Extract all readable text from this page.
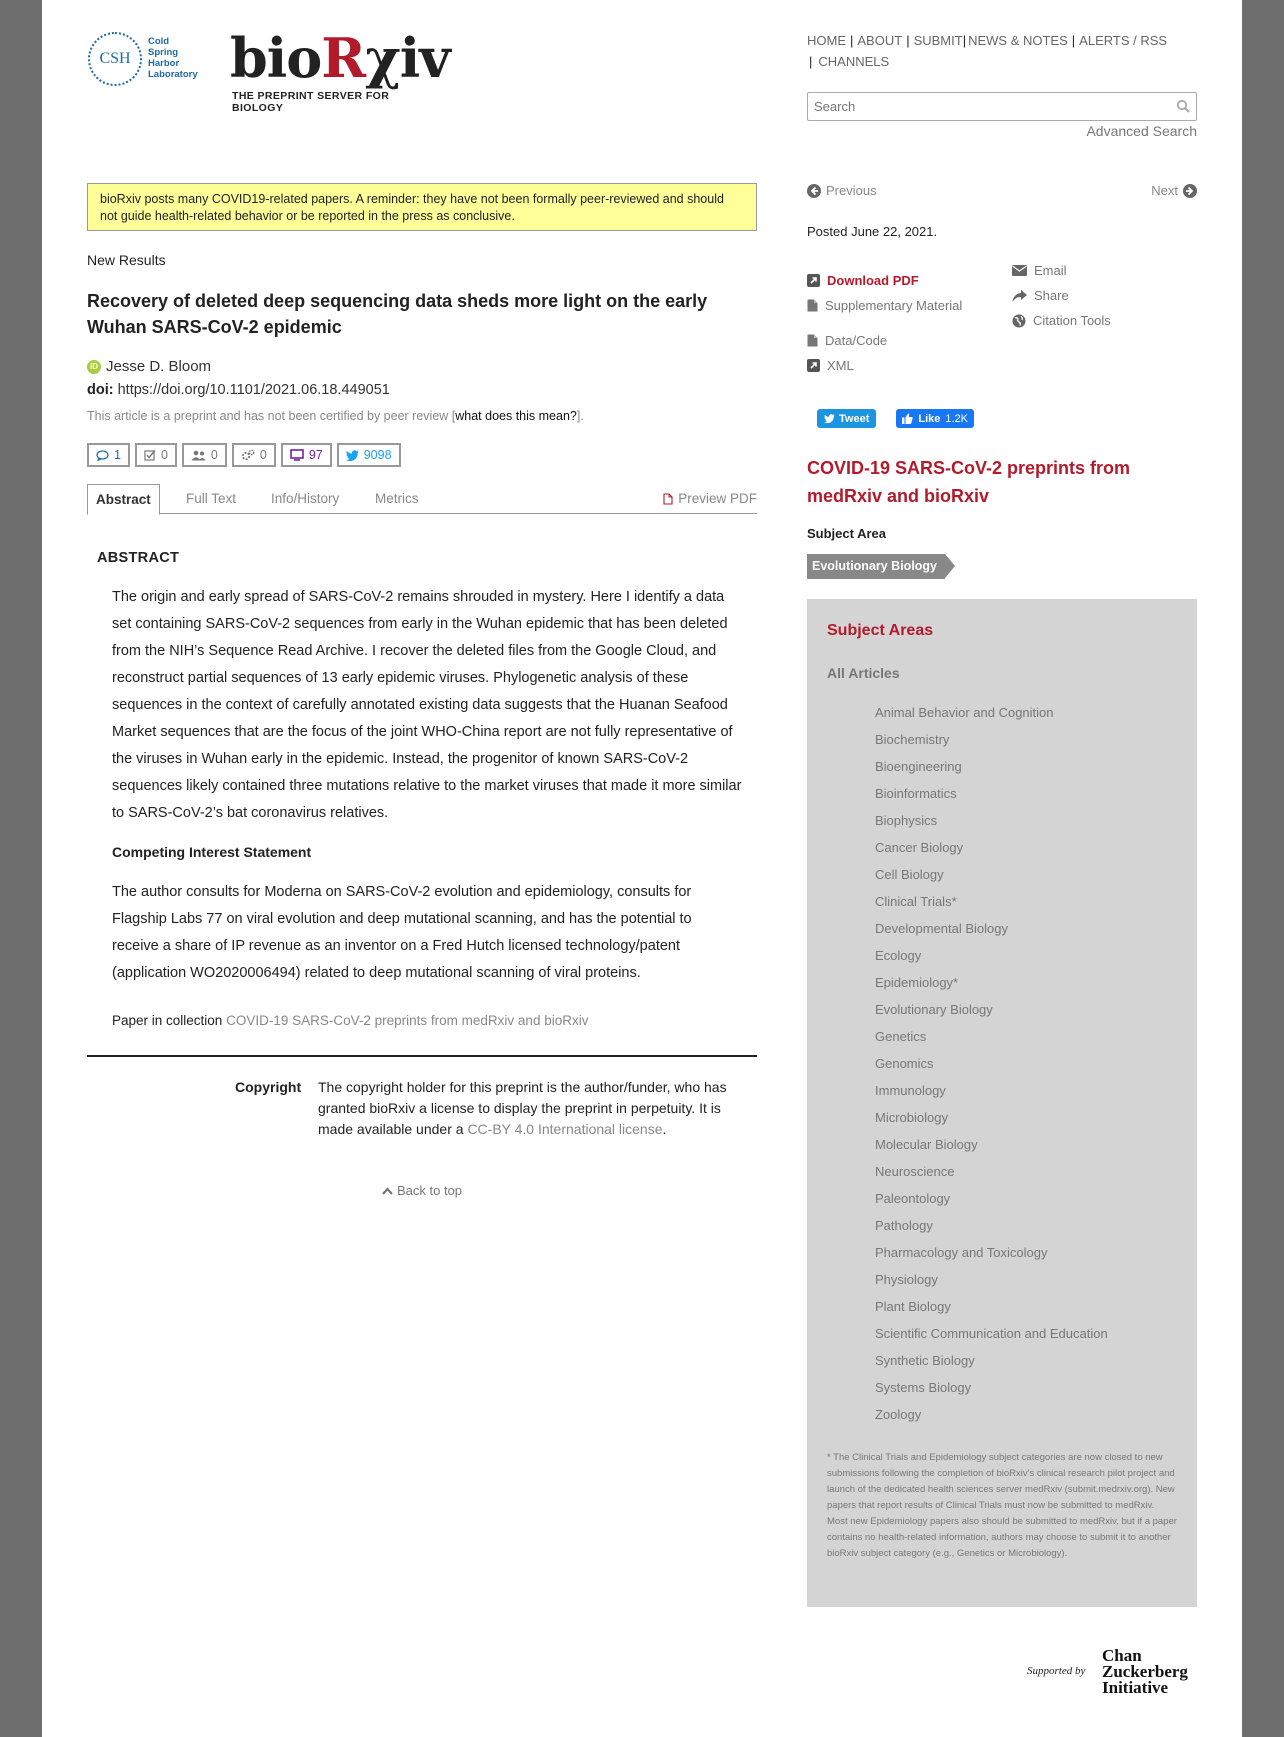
CSH
Cold
Spring
Harbor
Laboratory bioRχiv
THE PREPRINT SERVER FOR BIOLOGY
HOME | ABOUT | SUBMIT| NEWS & NOTES | ALERTS / RSS
| CHANNELS
Search
Advanced Search
bioRxiv posts many COVID19-related papers. A reminder: they have not been formally peer-reviewed and should not guide health-related behavior or be reported in the press as conclusive.
New Results
Recovery of deleted deep sequencing data sheds more light on the early Wuhan SARS-CoV-2 epidemic
iD Jesse D. Bloom
doi: https://doi.org/10.1101/2021.06.18.449051
This article is a preprint and has not been certified by peer review [what does this mean?].
1	0	0	0	97	9098
Abstract	Full Text	Info/History	Metrics	Preview PDF
ABSTRACT

The origin and early spread of SARS-CoV-2 remains shrouded in mystery. Here I identify a data set containing SARS-CoV-2 sequences from early in the Wuhan epidemic that has been deleted from the NIH’s Sequence Read Archive. I recover the deleted files from the Google Cloud, and reconstruct partial sequences of 13 early epidemic viruses. Phylogenetic analysis of these sequences in the context of carefully annotated existing data suggests that the Huanan Seafood Market sequences that are the focus of the joint WHO-China report are not fully representative of the viruses in Wuhan early in the epidemic. Instead, the progenitor of known SARS-CoV-2 sequences likely contained three mutations relative to the market viruses that made it more similar to SARS-CoV-2’s bat coronavirus relatives.

Competing Interest Statement

The author consults for Moderna on SARS-CoV-2 evolution and epidemiology, consults for Flagship Labs 77 on viral evolution and deep mutational scanning, and has the potential to receive a share of IP revenue as an inventor on a Fred Hutch licensed technology/patent (application WO2020006494) related to deep mutational scanning of viral proteins.

Paper in collection COVID-19 SARS-CoV-2 preprints from medRxiv and bioRxiv
Copyright The copyright holder for this preprint is the author/funder, who has granted bioRxiv a license to display the preprint in perpetuity. It is made available under a CC-BY 4.0 International license.
Back to top
Previous	Next
Posted June 22, 2021.
Download PDF
Supplementary Material
Data/Code
XML
Email
Share
Citation Tools
Tweet	Like 1.2K
COVID-19 SARS-CoV-2 preprints from medRxiv and bioRxiv
Subject Area
Evolutionary Biology
Subject Areas
All Articles
Animal Behavior and Cognition
Biochemistry
Bioengineering
Bioinformatics
Biophysics
Cancer Biology
Cell Biology
Clinical Trials*
Developmental Biology
Ecology
Epidemiology*
Evolutionary Biology
Genetics
Genomics
Immunology
Microbiology
Molecular Biology
Neuroscience
Paleontology
Pathology
Pharmacology and Toxicology
Physiology
Plant Biology
Scientific Communication and Education
Synthetic Biology
Systems Biology
Zoology
* The Clinical Trials and Epidemiology subject categories are now closed to new submissions following the completion of bioRxiv's clinical research pilot project and launch of the dedicated health sciences server medRxiv (submit.medrxiv.org). New papers that report results of Clinical Trials must now be submitted to medRxiv. Most new Epidemiology papers also should be submitted to medRxiv, but if a paper contains no health-related information, authors may choose to submit it to another bioRxiv subject category (e.g., Genetics or Microbiology).
Supported by
Chan
Zuckerberg
Initiative
